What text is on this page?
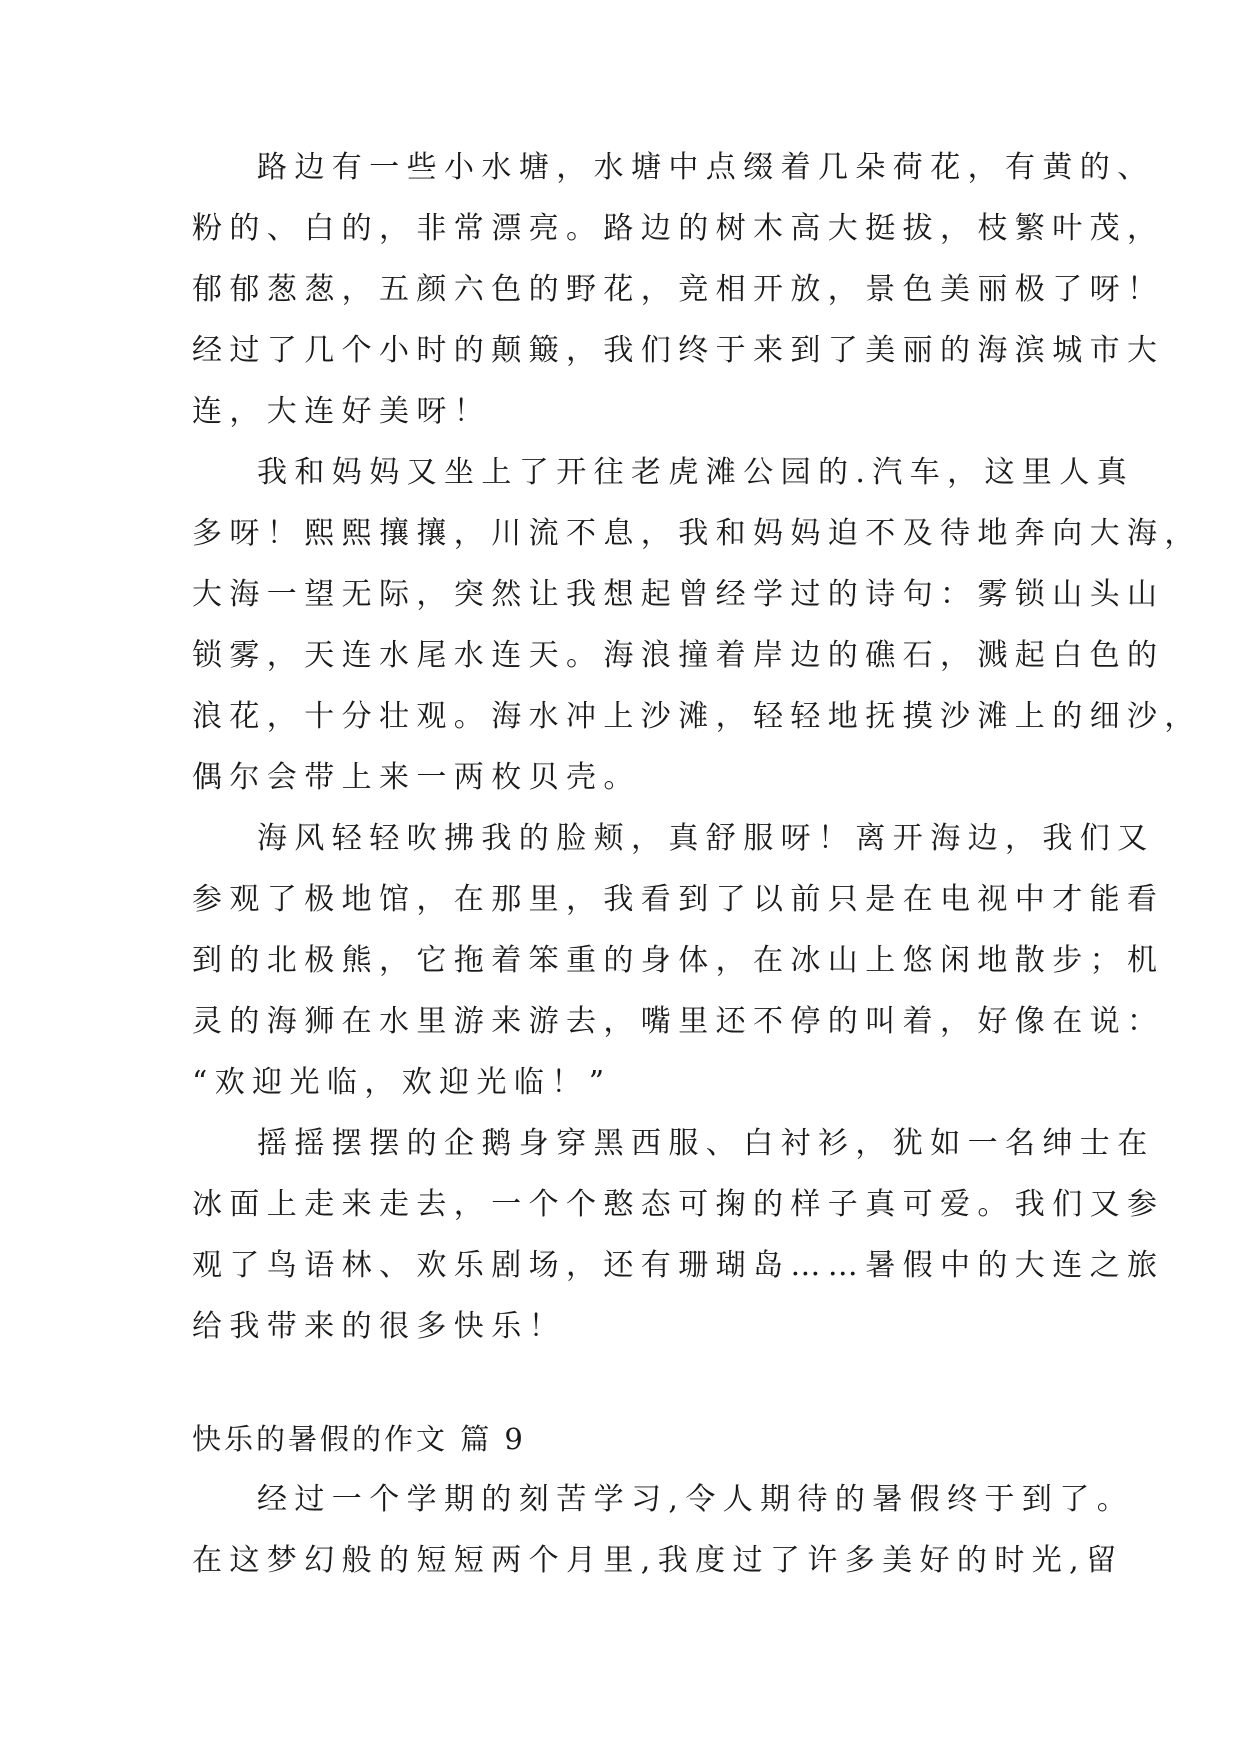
路边有一些小水塘，水塘中点缀着几朵荷花，有黄的、
粉的、白的，非常漂亮。路边的树木高大挺拔，枝繁叶茂，
郁郁葱葱，五颜六色的野花，竞相开放，景色美丽极了呀！
经过了几个小时的颠簸，我们终于来到了美丽的海滨城市大
连，大连好美呀！
我和妈妈又坐上了开往老虎滩公园的.汽车，这里人真
多呀！熙熙攘攘，川流不息，我和妈妈迫不及待地奔向大海，
大海一望无际，突然让我想起曾经学过的诗句：雾锁山头山
锁雾，天连水尾水连天。海浪撞着岸边的礁石，溅起白色的
浪花，十分壮观。海水冲上沙滩，轻轻地抚摸沙滩上的细沙，
偶尔会带上来一两枚贝壳。
海风轻轻吹拂我的脸颊，真舒服呀！离开海边，我们又
参观了极地馆，在那里，我看到了以前只是在电视中才能看
到的北极熊，它拖着笨重的身体，在冰山上悠闲地散步；机
灵的海狮在水里游来游去，嘴里还不停的叫着，好像在说：
“欢迎光临，欢迎光临！”
摇摇摆摆的企鹅身穿黑西服、白衬衫，犹如一名绅士在
冰面上走来走去，一个个憨态可掬的样子真可爱。我们又参
观了鸟语林、欢乐剧场，还有珊瑚岛……暑假中的大连之旅
给我带来的很多快乐！
快乐的暑假的作文 篇 9
经过一个学期的刻苦学习,令人期待的暑假终于到了。
在这梦幻般的短短两个月里,我度过了许多美好的时光,留
